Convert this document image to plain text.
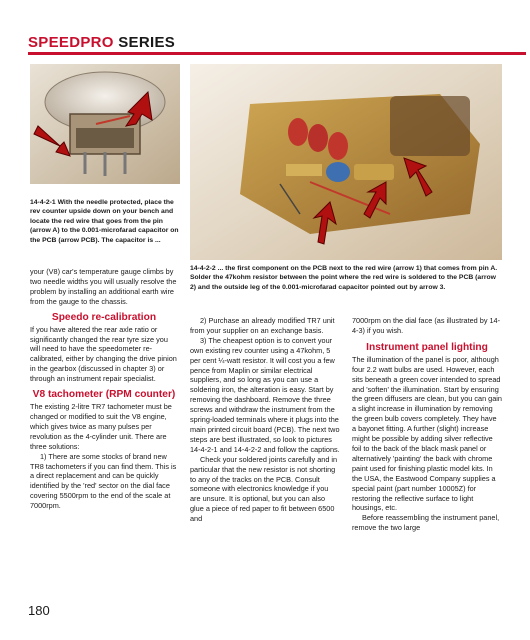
SPEEDPRO SERIES
14-4-2-1 With the needle protected, place the rev counter upside down on your bench and locate the red wire that goes from the pin (arrow A) to the 0.001-microfarad capacitor on the PCB (arrow PCB). The capacitor is ...
14-4-2-2 ... the first component on the PCB next to the red wire (arrow 1) that comes from pin A. Solder the 47kohm resistor between the point where the red wire is soldered to the PCB (arrow 2) and the outside leg of the 0.001-microfarad capacitor pointed out by arrow 3.

your (V8) car's temperature gauge climbs by two needle widths you will usually resolve the problem by installing an additional earth wire from the gauge to the chassis.

Speedo re-calibration

If you have altered the rear axle ratio or significantly changed the rear tyre size you will need to have the speedometer re-calibrated, either by changing the drive pinion in the gearbox (discussed in chapter 3) or through an instrument repair specialist.

V8 tachometer (RPM counter)

The existing 2-litre TR7 tachometer must be changed or modified to suit the V8 engine, which gives twice as many pulses per revolution as the 4-cylinder unit. There are three solutions:

1) There are some stocks of brand new TR8 tachometers if you can find them. This is a direct replacement and can be quickly identified by the 'red' sector on the dial face covering 5500rpm to the end of the scale at 7000rpm.

2) Purchase an already modified TR7 unit from your supplier on an exchange basis.

3) The cheapest option is to convert your own existing rev counter using a 47kohm, 5 per cent ¼-watt resistor. It will cost you a few pence from Maplin or similar electrical suppliers, and so long as you can use a soldering iron, the alteration is easy. Start by removing the dashboard. Remove the three screws and withdraw the instrument from the spring-loaded terminals where it plugs into the main printed circuit board (PCB). The next two steps are best illustrated, so look to pictures 14-4-2-1 and 14-4-2-2 and follow the captions.

Check your soldered joints carefully and in particular that the new resistor is not shorting to any of the tracks on the PCB. Consult someone with electronics knowledge if you are unsure. It is optional, but you can also glue a piece of red paper to fit between 6500 and

7000rpm on the dial face (as illustrated by 14-4-3) if you wish.

Instrument panel lighting

The illumination of the panel is poor, although four 2.2 watt bulbs are used. However, each sits beneath a green cover intended to spread and 'soften' the illumination. Start by ensuring the green diffusers are clean, but you can gain a slight increase in illumination by removing the green bulb covers completely. They have a bayonet fitting. A further (slight) increase might be possible by adding silver reflective foil to the back of the black mask panel or alternatively 'painting' the back with chrome paint used for finishing plastic model kits. In the USA, the Eastwood Company supplies a special paint (part number 10005Z) for restoring the reflective surface to light housings, etc.

Before reassembling the instrument panel, remove the two large

180
